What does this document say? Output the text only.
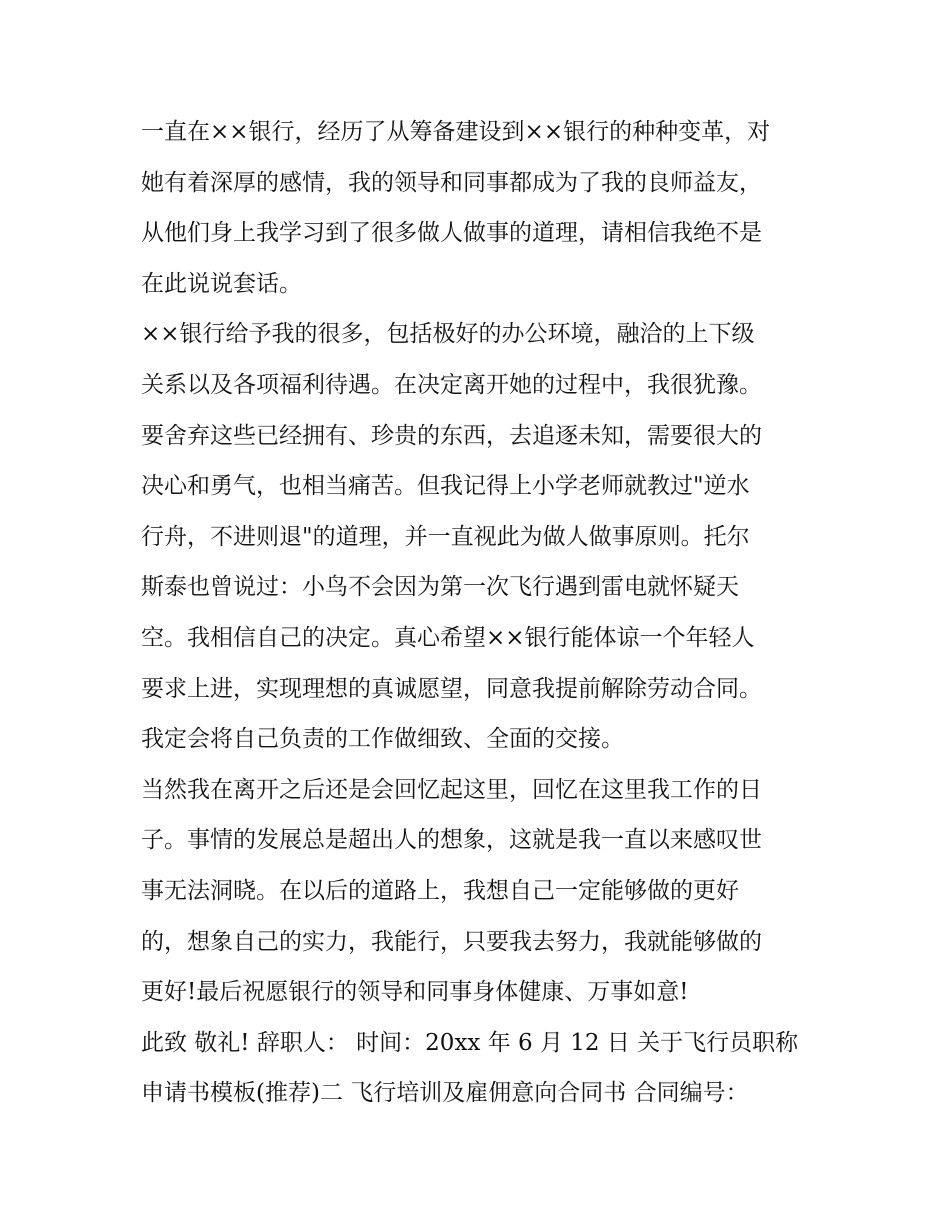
一直在××银行，经历了从筹备建设到××银行的种种变革，对
她有着深厚的感情，我的领导和同事都成为了我的良师益友，
从他们身上我学习到了很多做人做事的道理，请相信我绝不是
在此说说套话。
××银行给予我的很多，包括极好的办公环境，融洽的上下级
关系以及各项福利待遇。在决定离开她的过程中，我很犹豫。
要舍弃这些已经拥有、珍贵的东西，去追逐未知，需要很大的
决心和勇气，也相当痛苦。但我记得上小学老师就教过"逆水
行舟，不进则退"的道理，并一直视此为做人做事原则。托尔
斯泰也曾说过：小鸟不会因为第一次飞行遇到雷电就怀疑天
空。我相信自己的决定。真心希望××银行能体谅一个年轻人
要求上进，实现理想的真诚愿望，同意我提前解除劳动合同。
我定会将自己负责的工作做细致、全面的交接。
当然我在离开之后还是会回忆起这里，回忆在这里我工作的日
子。事情的发展总是超出人的想象，这就是我一直以来感叹世
事无法洞晓。在以后的道路上，我想自己一定能够做的更好
的，想象自己的实力，我能行，只要我去努力，我就能够做的
更好!最后祝愿银行的领导和同事身体健康、万事如意!
此致 敬礼! 辞职人： 时间：20xx 年 6 月 12 日 关于飞行员职称
申请书模板(推荐)二 飞行培训及雇佣意向合同书 合同编号：
